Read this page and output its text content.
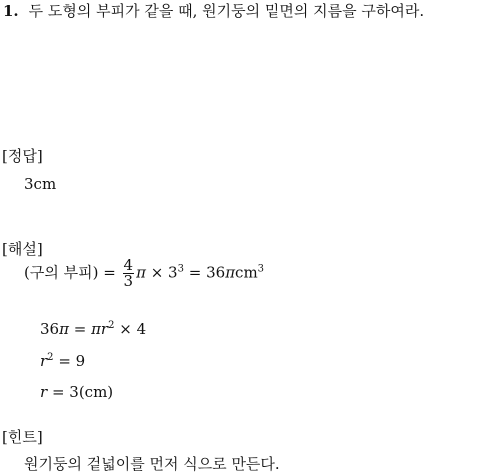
1. 두 도형의 부피가 같을 때, 원기둥의 밑면의 지름을 구하여라.
[정답]
3cm
[해설]
(구의 부피) = $\frac{4}{3}$ $\pi \times 3^3 = 36\pi cm^3$
$36\pi = \pi r^2 \times 4$
$r^2 = 9$
r = 3(cm)
[힌트]
원기둥의 겉넓이를 먼저 식으로 만든다.
